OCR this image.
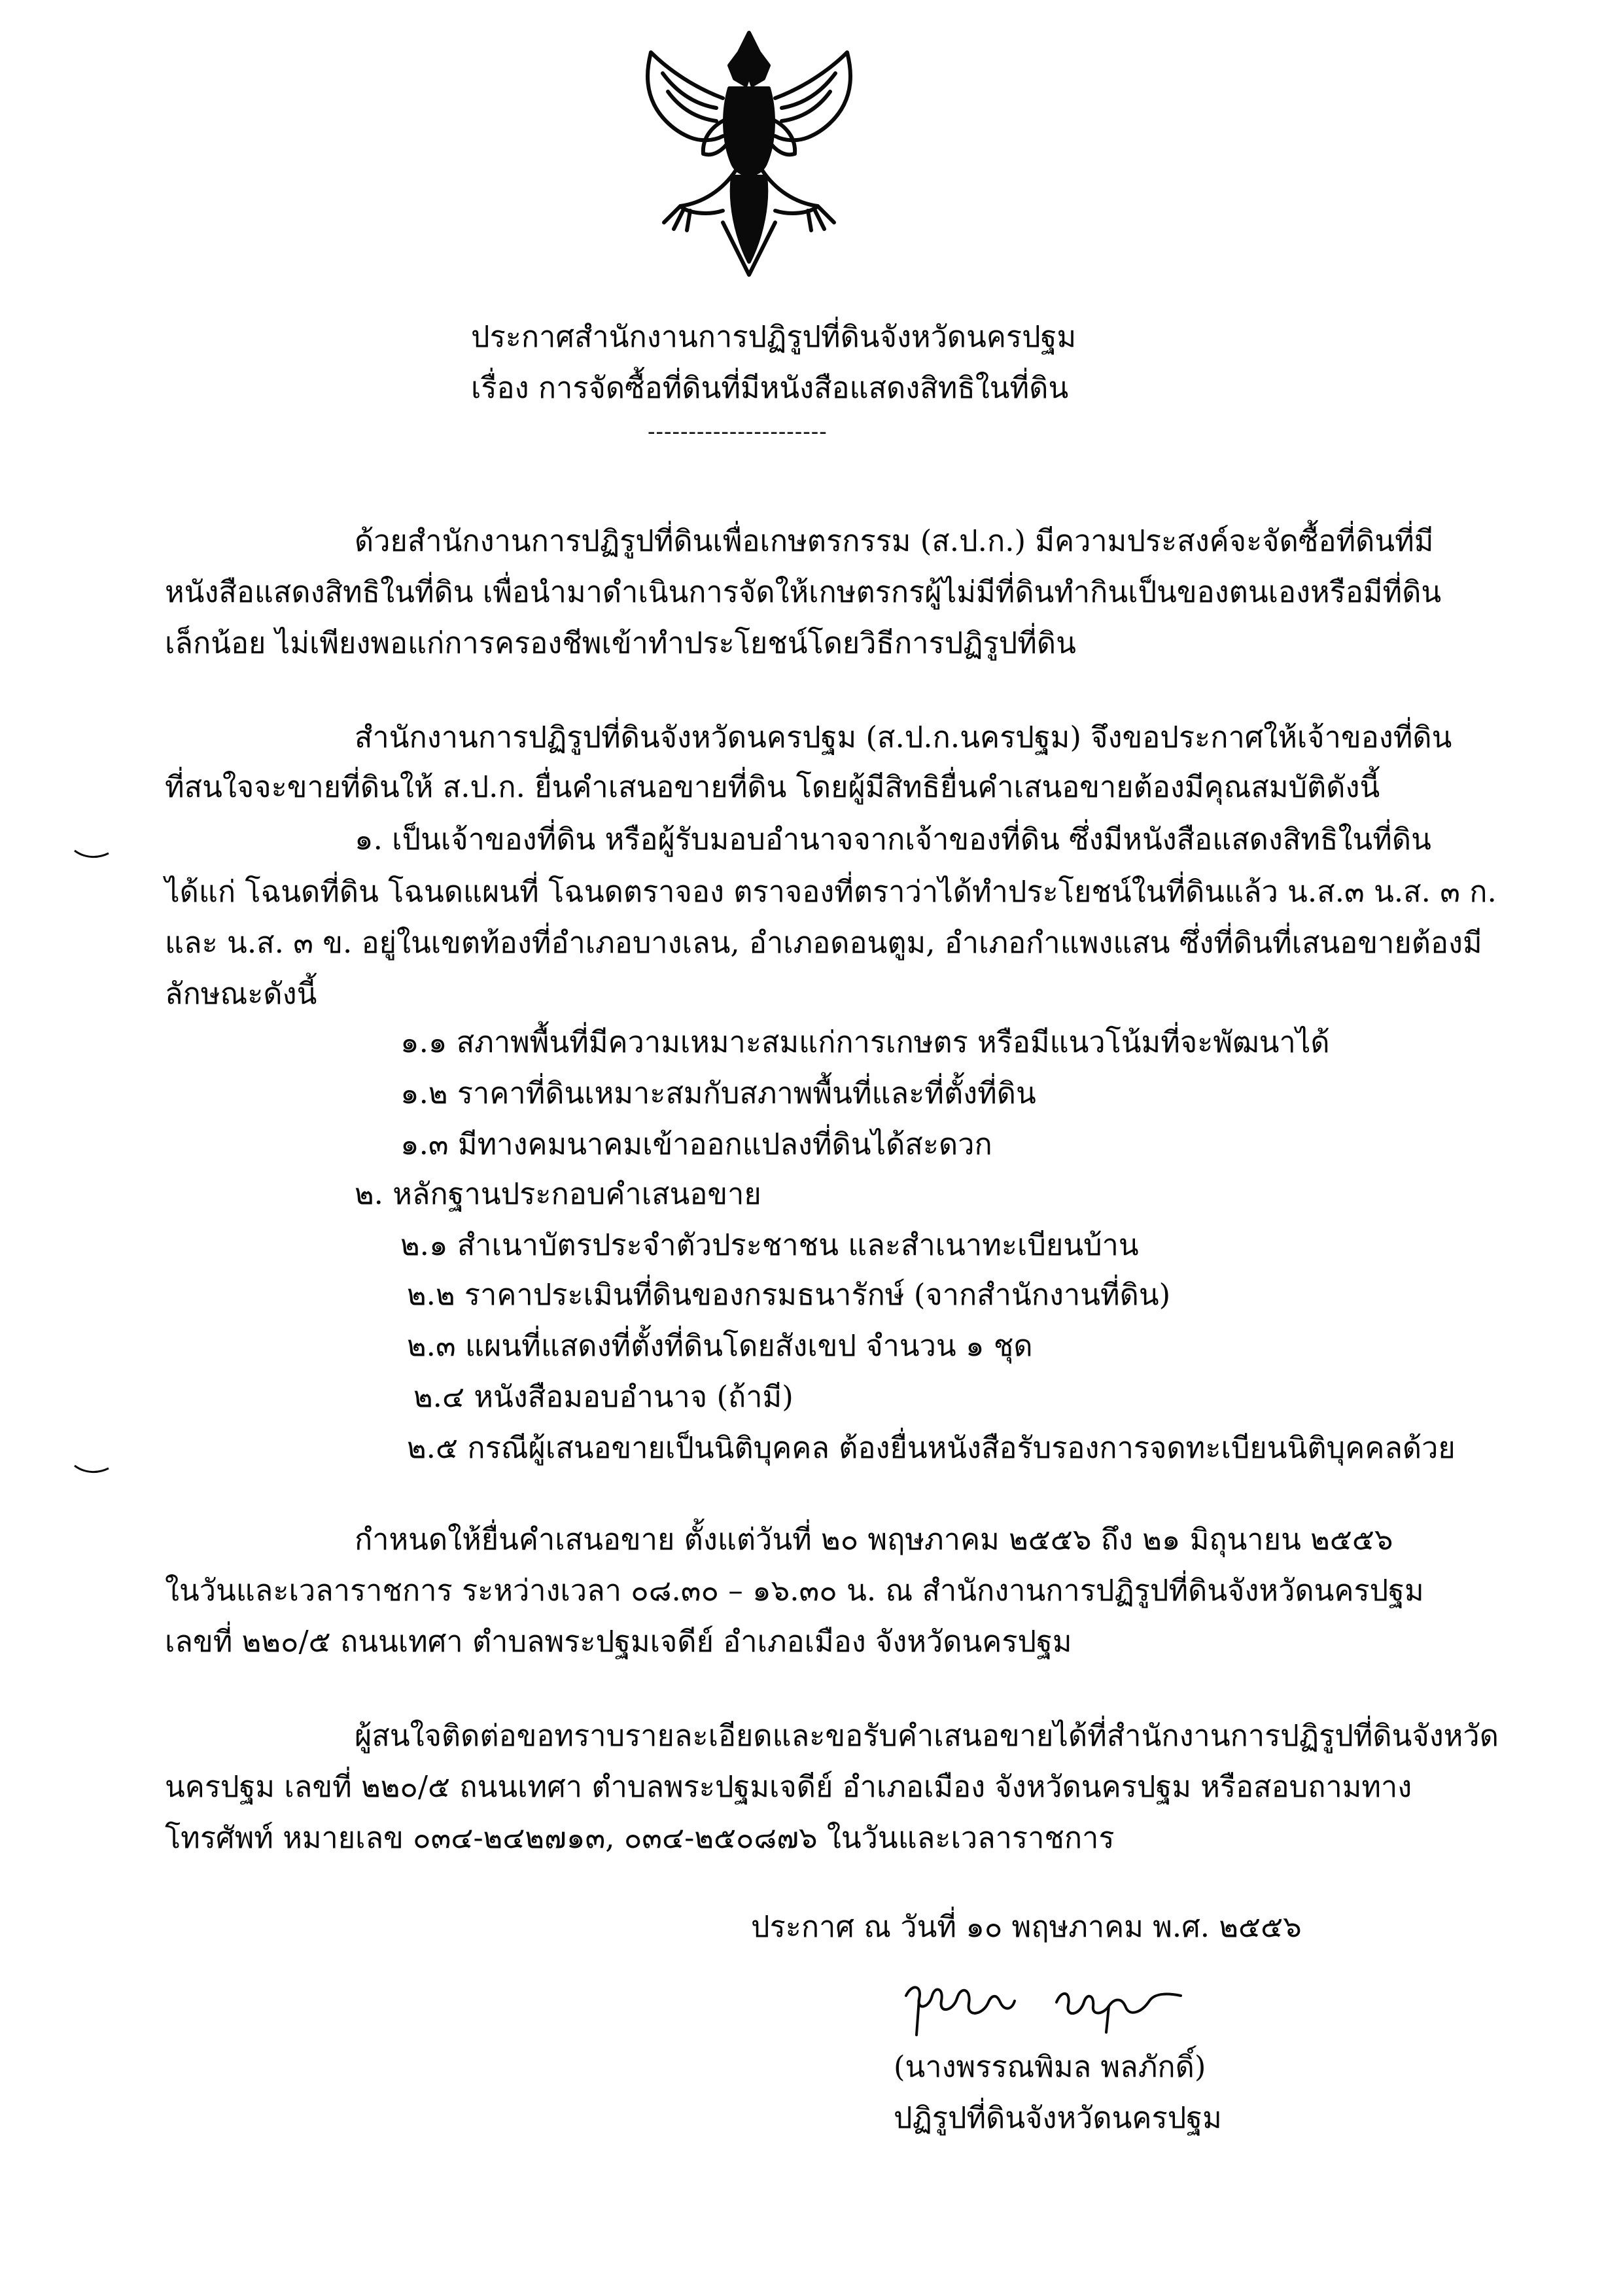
ประกาศสำนักงานการปฏิรูปที่ดินจังหวัดนครปฐม
เรื่อง การจัดซื้อที่ดินที่มีหนังสือแสดงสิทธิในที่ดิน
----------------------
ด้วยสำนักงานการปฏิรูปที่ดินเพื่อเกษตรกรรม (ส.ป.ก.) มีความประสงค์จะจัดซื้อที่ดินที่มี
หนังสือแสดงสิทธิในที่ดิน เพื่อนำมาดำเนินการจัดให้เกษตรกรผู้ไม่มีที่ดินทำกินเป็นของตนเองหรือมีที่ดิน
เล็กน้อย ไม่เพียงพอแก่การครองชีพเข้าทำประโยชน์โดยวิธีการปฏิรูปที่ดิน
สำนักงานการปฏิรูปที่ดินจังหวัดนครปฐม (ส.ป.ก.นครปฐม) จึงขอประกาศให้เจ้าของที่ดิน
ที่สนใจจะขายที่ดินให้ ส.ป.ก. ยื่นคำเสนอขายที่ดิน โดยผู้มีสิทธิยื่นคำเสนอขายต้องมีคุณสมบัติดังนี้
๑. เป็นเจ้าของที่ดิน หรือผู้รับมอบอำนาจจากเจ้าของที่ดิน ซึ่งมีหนังสือแสดงสิทธิในที่ดิน
ได้แก่ โฉนดที่ดิน โฉนดแผนที่ โฉนดตราจอง ตราจองที่ตราว่าได้ทำประโยชน์ในที่ดินแล้ว น.ส.๓ น.ส. ๓ ก.
และ น.ส. ๓ ข. อยู่ในเขตท้องที่อำเภอบางเลน, อำเภอดอนตูม, อำเภอกำแพงแสน ซึ่งที่ดินที่เสนอขายต้องมี
ลักษณะดังนี้
๑.๑ สภาพพื้นที่มีความเหมาะสมแก่การเกษตร หรือมีแนวโน้มที่จะพัฒนาได้
๑.๒ ราคาที่ดินเหมาะสมกับสภาพพื้นที่และที่ตั้งที่ดิน
๑.๓ มีทางคมนาคมเข้าออกแปลงที่ดินได้สะดวก
๒. หลักฐานประกอบคำเสนอขาย
๒.๑ สำเนาบัตรประจำตัวประชาชน และสำเนาทะเบียนบ้าน
๒.๒ ราคาประเมินที่ดินของกรมธนารักษ์ (จากสำนักงานที่ดิน)
๒.๓ แผนที่แสดงที่ตั้งที่ดินโดยสังเขป จำนวน ๑ ชุด
๒.๔ หนังสือมอบอำนาจ (ถ้ามี)
๒.๕ กรณีผู้เสนอขายเป็นนิติบุคคล ต้องยื่นหนังสือรับรองการจดทะเบียนนิติบุคคลด้วย
กำหนดให้ยื่นคำเสนอขาย ตั้งแต่วันที่ ๒๐ พฤษภาคม ๒๕๕๖ ถึง ๒๑ มิถุนายน ๒๕๕๖
ในวันและเวลาราชการ ระหว่างเวลา ๐๘.๓๐ – ๑๖.๓๐ น. ณ สำนักงานการปฏิรูปที่ดินจังหวัดนครปฐม
เลขที่ ๒๒๐/๕ ถนนเทศา ตำบลพระปฐมเจดีย์ อำเภอเมือง จังหวัดนครปฐม
ผู้สนใจติดต่อขอทราบรายละเอียดและขอรับคำเสนอขายได้ที่สำนักงานการปฏิรูปที่ดินจังหวัด
นครปฐม เลขที่ ๒๒๐/๕ ถนนเทศา ตำบลพระปฐมเจดีย์ อำเภอเมือง จังหวัดนครปฐม หรือสอบถามทาง
โทรศัพท์ หมายเลข ๐๓๔-๒๔๒๗๑๓, ๐๓๔-๒๕๐๘๗๖ ในวันและเวลาราชการ
ประกาศ ณ วันที่ ๑๐ พฤษภาคม พ.ศ. ๒๕๕๖
(นางพรรณพิมล พลภักดิ์)
ปฏิรูปที่ดินจังหวัดนครปฐม
